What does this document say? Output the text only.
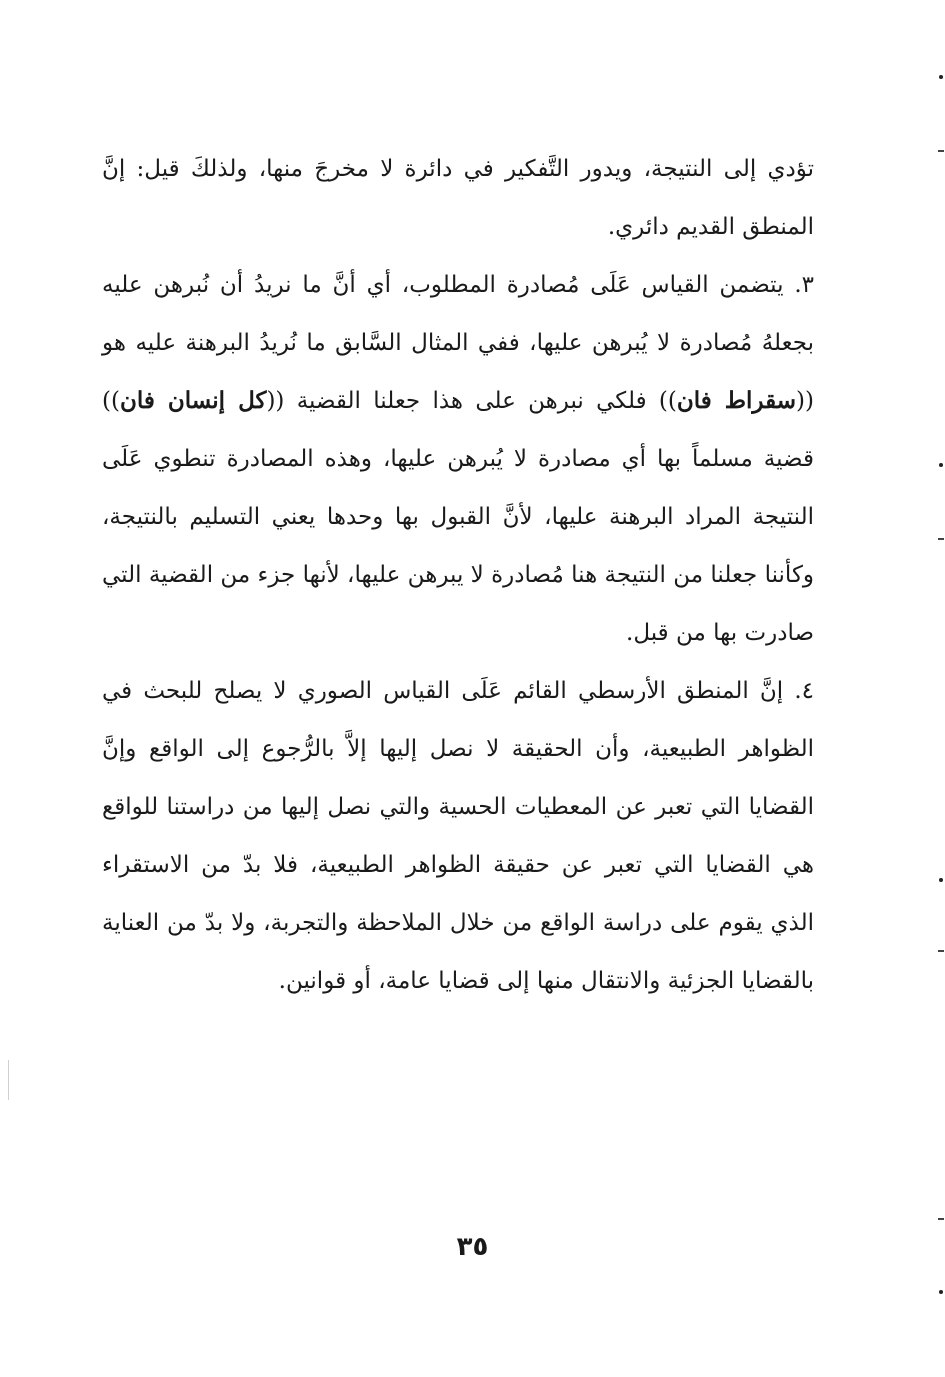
تؤدي إلى النتيجة، ويدور التَّفكير في دائرة لا مخرجَ منها، ولذلكَ قيل: إنَّ المنطق القديم دائري.

٣. يتضمن القياس عَلَى مُصادرة المطلوب، أي أنَّ ما نريدُ أن نُبرهن عليه بجعلهُ مُصادرة لا يُبرهن عليها، ففي المثال السَّابق ما نُريدُ البرهنة عليه هو ((سقراط فان)) فلكي نبرهن على هذا جعلنا القضية ((كل إنسان فان)) قضية مسلماً بها أي مصادرة لا يُبرهن عليها، وهذه المصادرة تنطوي عَلَى النتيجة المراد البرهنة عليها، لأنَّ القبول بها وحدها يعني التسليم بالنتيجة، وكأننا جعلنا من النتيجة هنا مُصادرة لا يبرهن عليها، لأنها جزء من القضية التي صادرت بها من قبل.

٤. إنَّ المنطق الأرسطي القائم عَلَى القياس الصوري لا يصلح للبحث في الظواهر الطبيعية، وأن الحقيقة لا نصل إليها إلاَّ بالرُّجوع إلى الواقع وإنَّ القضايا التي تعبر عن المعطيات الحسية والتي نصل إليها من دراستنا للواقع هي القضايا التي تعبر عن حقيقة الظواهر الطبيعية، فلا بدّ من الاستقراء الذي يقوم على دراسة الواقع من خلال الملاحظة والتجربة، ولا بدّ من العناية بالقضايا الجزئية والانتقال منها إلى قضايا عامة، أو قوانين.

٣٥
